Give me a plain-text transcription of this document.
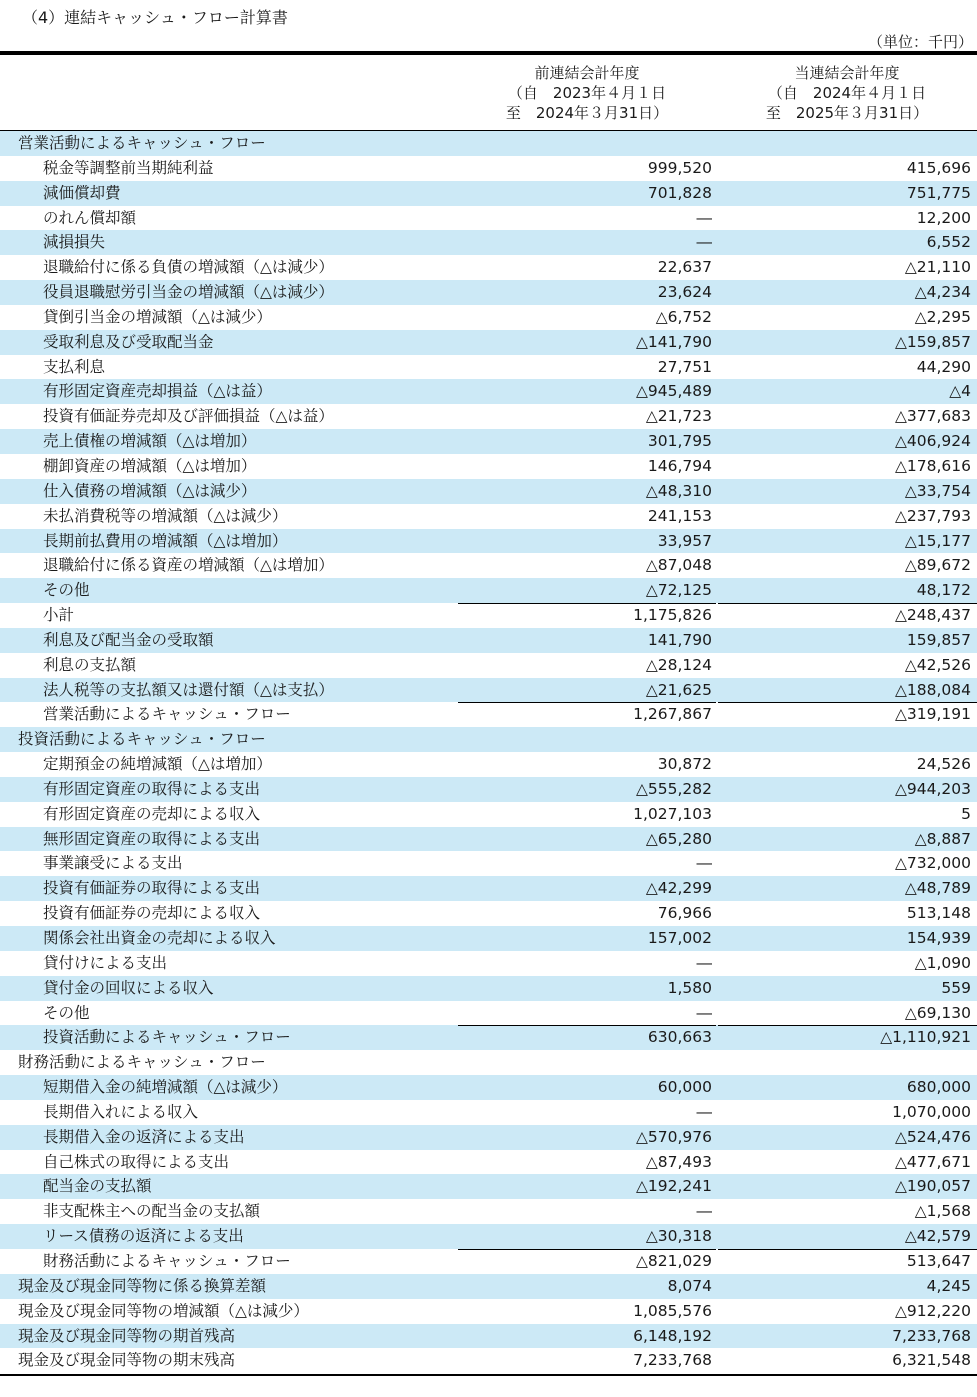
（4）連結キャッシュ・フロー計算書
（単位：千円）
前連結会計年度
（自　2023年４月１日
至　2024年３月31日）
当連結会計年度
（自　2024年４月１日
至　2025年３月31日）
営業活動によるキャッシュ・フロー
税金等調整前当期純利益	999,520	415,696
減価償却費	701,828	751,775
のれん償却額	―	12,200
減損損失	―	6,552
退職給付に係る負債の増減額（△は減少）	22,637	△21,110
役員退職慰労引当金の増減額（△は減少）	23,624	△4,234
貸倒引当金の増減額（△は減少）	△6,752	△2,295
受取利息及び受取配当金	△141,790	△159,857
支払利息	27,751	44,290
有形固定資産売却損益（△は益）	△945,489	△4
投資有価証券売却及び評価損益（△は益）	△21,723	△377,683
売上債権の増減額（△は増加）	301,795	△406,924
棚卸資産の増減額（△は増加）	146,794	△178,616
仕入債務の増減額（△は減少）	△48,310	△33,754
未払消費税等の増減額（△は減少）	241,153	△237,793
長期前払費用の増減額（△は増加）	33,957	△15,177
退職給付に係る資産の増減額（△は増加）	△87,048	△89,672
その他	△72,125	48,172
小計	1,175,826	△248,437
利息及び配当金の受取額	141,790	159,857
利息の支払額	△28,124	△42,526
法人税等の支払額又は還付額（△は支払）	△21,625	△188,084
営業活動によるキャッシュ・フロー	1,267,867	△319,191
投資活動によるキャッシュ・フロー
定期預金の純増減額（△は増加）	30,872	24,526
有形固定資産の取得による支出	△555,282	△944,203
有形固定資産の売却による収入	1,027,103	5
無形固定資産の取得による支出	△65,280	△8,887
事業譲受による支出	―	△732,000
投資有価証券の取得による支出	△42,299	△48,789
投資有価証券の売却による収入	76,966	513,148
関係会社出資金の売却による収入	157,002	154,939
貸付けによる支出	―	△1,090
貸付金の回収による収入	1,580	559
その他	―	△69,130
投資活動によるキャッシュ・フロー	630,663	△1,110,921
財務活動によるキャッシュ・フロー
短期借入金の純増減額（△は減少）	60,000	680,000
長期借入れによる収入	―	1,070,000
長期借入金の返済による支出	△570,976	△524,476
自己株式の取得による支出	△87,493	△477,671
配当金の支払額	△192,241	△190,057
非支配株主への配当金の支払額	―	△1,568
リース債務の返済による支出	△30,318	△42,579
財務活動によるキャッシュ・フロー	△821,029	513,647
現金及び現金同等物に係る換算差額	8,074	4,245
現金及び現金同等物の増減額（△は減少）	1,085,576	△912,220
現金及び現金同等物の期首残高	6,148,192	7,233,768
現金及び現金同等物の期末残高	7,233,768	6,321,548
